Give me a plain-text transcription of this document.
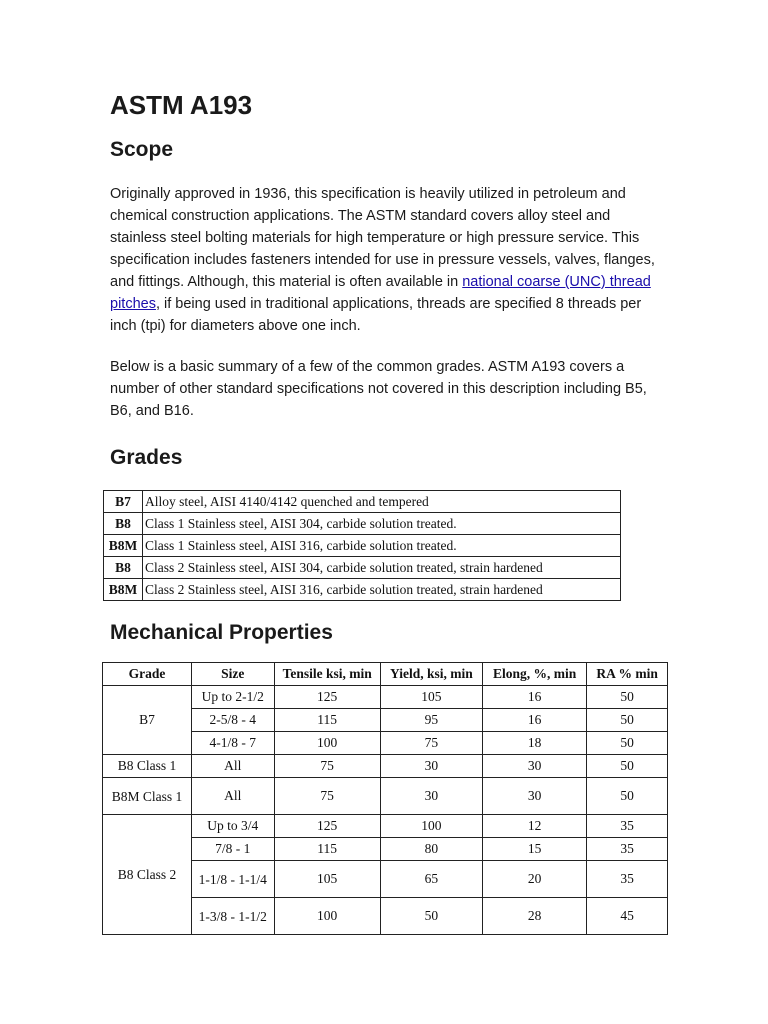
ASTM A193
Scope

Originally approved in 1936, this specification is heavily utilized in petroleum and chemical construction applications. The ASTM standard covers alloy steel and stainless steel bolting materials for high temperature or high pressure service. This specification includes fasteners intended for use in pressure vessels, valves, flanges, and fittings. Although, this material is often available in national coarse (UNC) thread pitches, if being used in traditional applications, threads are specified 8 threads per inch (tpi) for diameters above one inch.

Below is a basic summary of a few of the common grades. ASTM A193 covers a number of other standard specifications not covered in this description including B5, B6, and B16.

Grades
B7	Alloy steel, AISI 4140/4142 quenched and tempered
B8	Class 1 Stainless steel, AISI 304, carbide solution treated.
B8M	Class 1 Stainless steel, AISI 316, carbide solution treated.
B8	Class 2 Stainless steel, AISI 304, carbide solution treated, strain hardened
B8M	Class 2 Stainless steel, AISI 316, carbide solution treated, strain hardened
Mechanical Properties
Grade	Size	Tensile ksi, min	Yield, ksi, min	Elong, %, min	RA % min
B7	Up to 2-1/2	125	105	16	50
	2-5/8 - 4	115	95	16	50
	4-1/8 - 7	100	75	18	50
B8 Class 1	All	75	30	30	50
B8M Class 1	All	75	30	30	50
B8 Class 2	Up to 3/4	125	100	12	35
	7/8 - 1	115	80	15	35
	1-1/8 - 1-1/4	105	65	20	35
	1-3/8 - 1-1/2	100	50	28	45
